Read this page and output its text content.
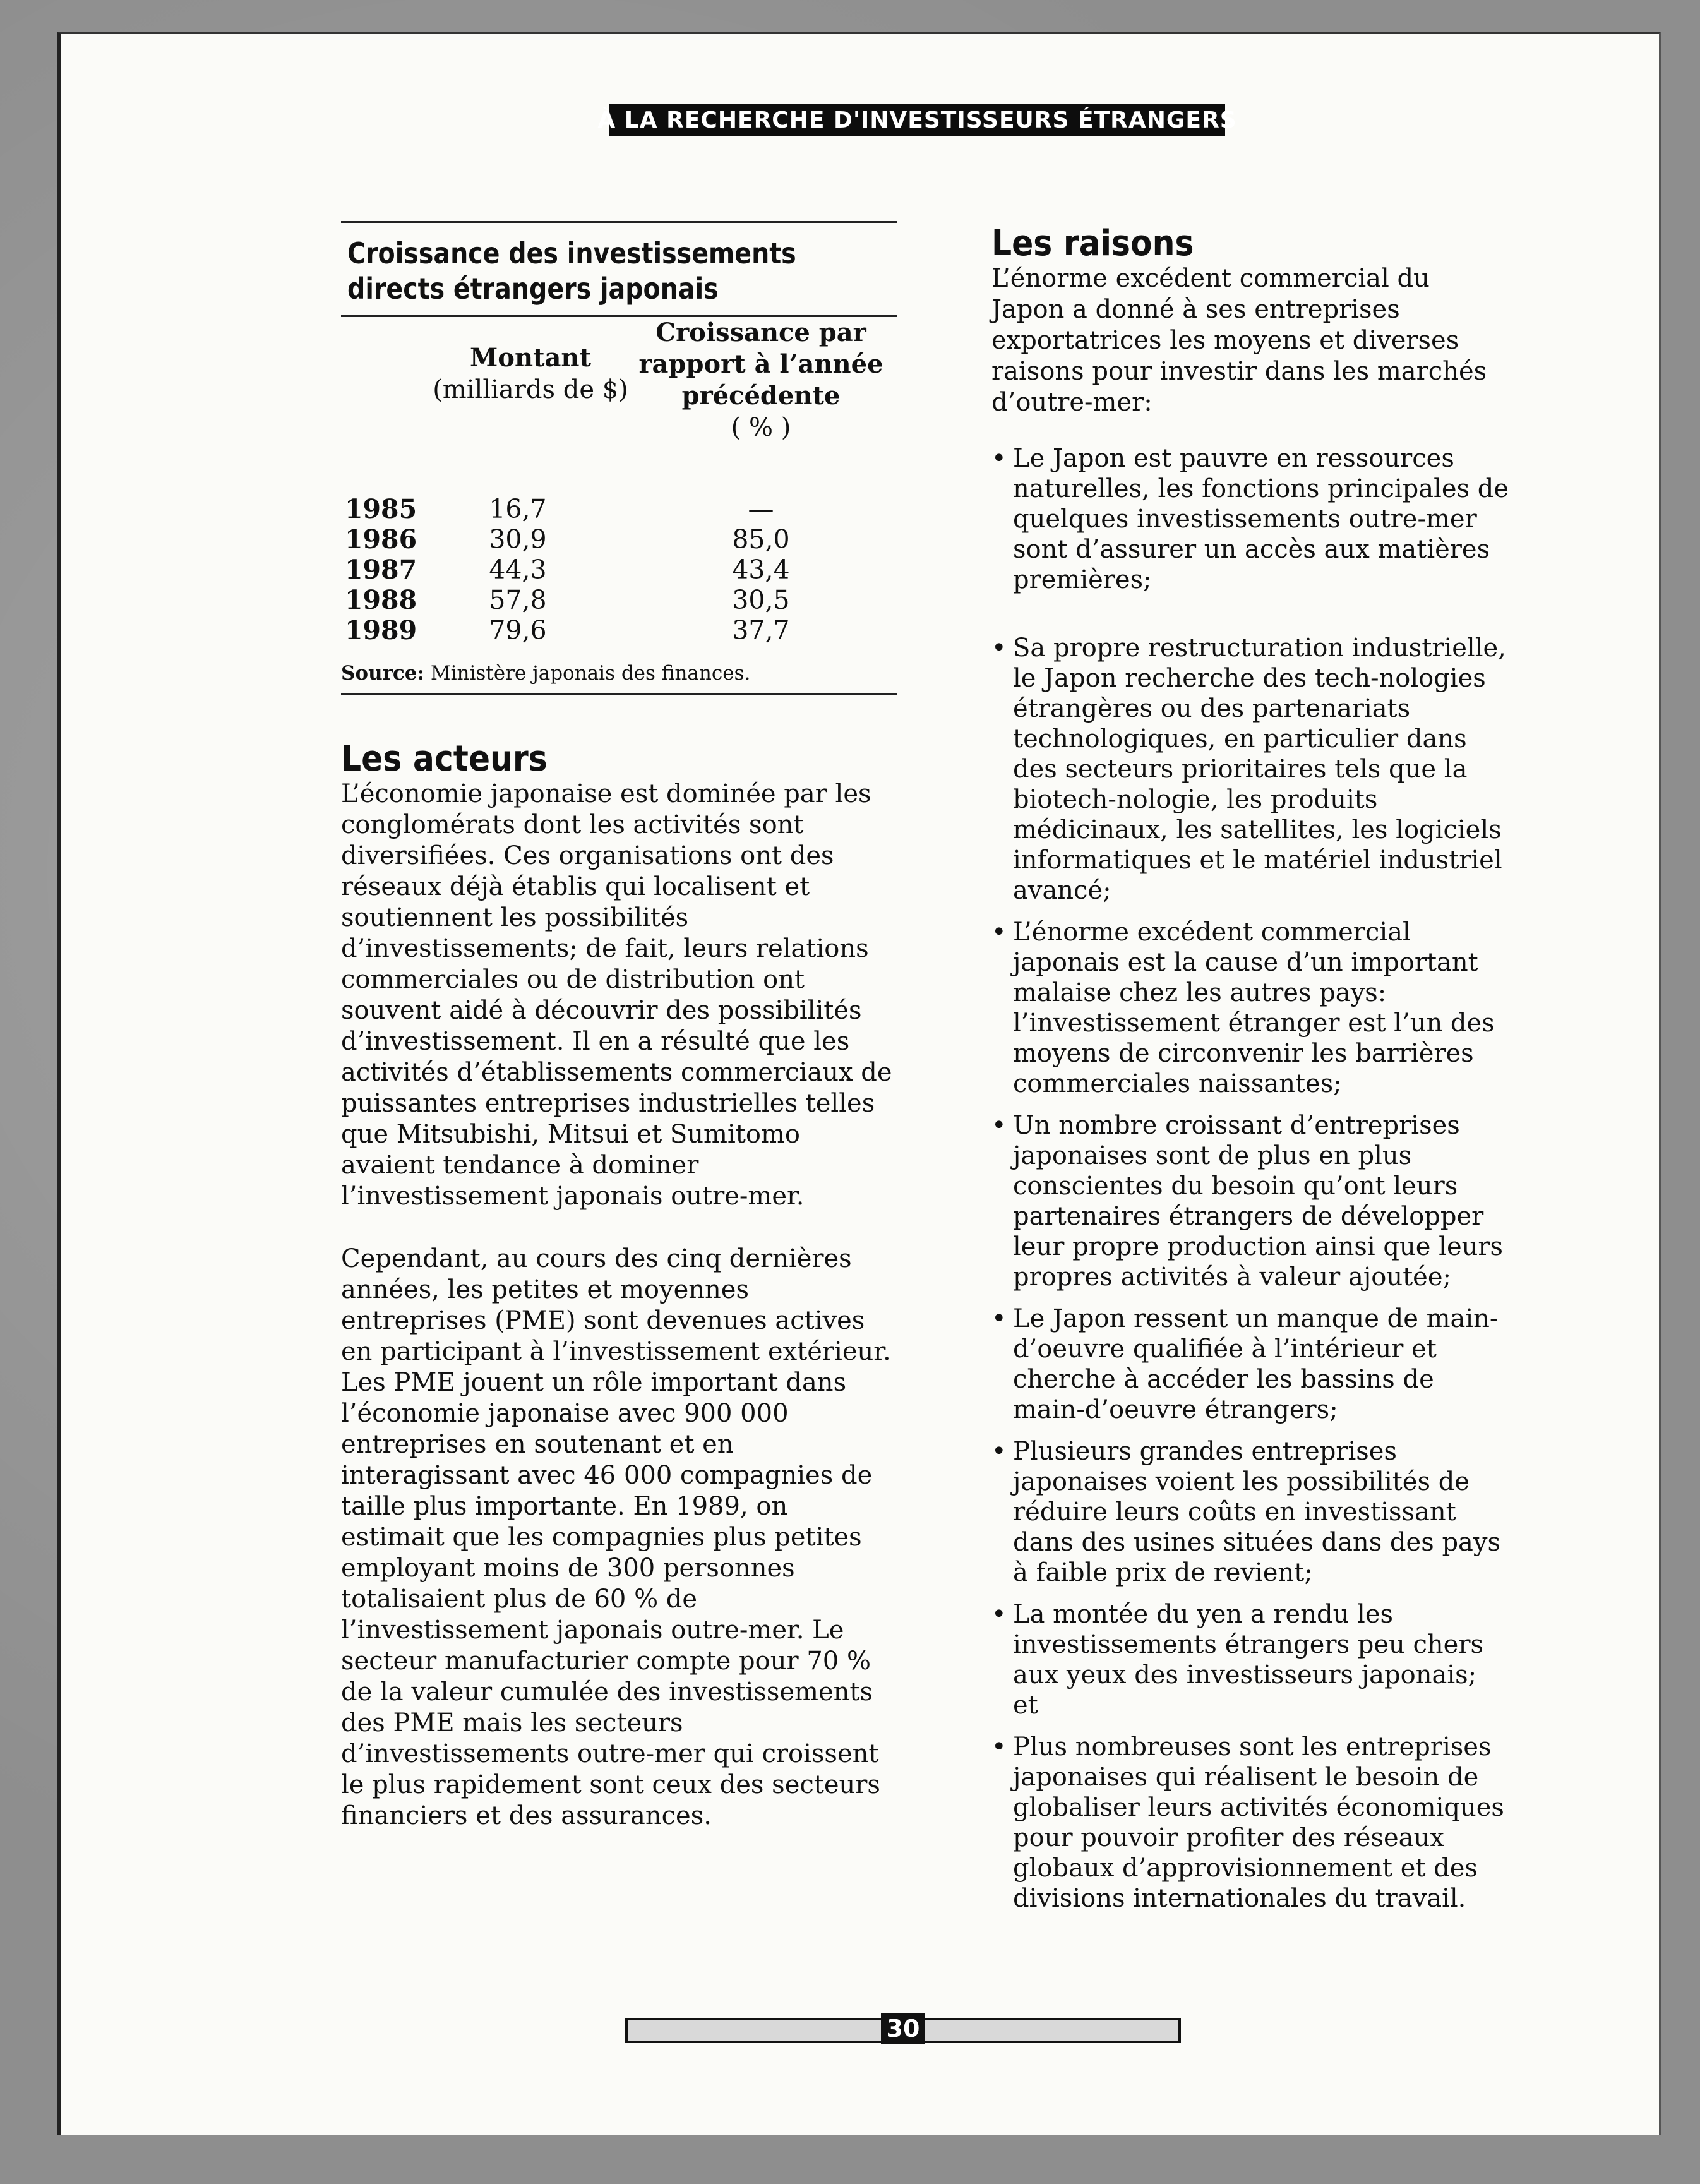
À LA RECHERCHE D'INVESTISSEURS ÉTRANGERS
Croissance des investissements directs étrangers japonais
Montant
(milliards de $)
Croissance par rapport à l’année précédente
( % )
1985	16,7	—
1986	30,9	85,0
1987	44,3	43,4
1988	57,8	30,5
1989	79,6	37,7
Source: Ministère japonais des finances.
Les acteurs

L’économie japonaise est dominée par les conglomérats dont les activités sont diversifiées. Ces organisations ont des réseaux déjà établis qui localisent et soutiennent les possibilités d’investissements; de fait, leurs relations commerciales ou de distribution ont souvent aidé à découvrir des possibilités d’investissement. Il en a résulté que les activités d’établissements commerciaux de puissantes entreprises industrielles telles que Mitsubishi, Mitsui et Sumitomo avaient tendance à dominer l’investissement japonais outre-mer.

Cependant, au cours des cinq dernières années, les petites et moyennes entreprises (PME) sont devenues actives en participant à l’investissement extérieur. Les PME jouent un rôle important dans l’économie japonaise avec 900 000 entreprises en soutenant et en interagissant avec 46 000 compagnies de taille plus importante. En 1989, on estimait que les compagnies plus petites employant moins de 300 personnes totalisaient plus de 60 % de l’investissement japonais outre-mer. Le secteur manufacturier compte pour 70 % de la valeur cumulée des investissements des PME mais les secteurs d’investissements outre-mer qui croissent le plus rapidement sont ceux des secteurs financiers et des assurances.

Les raisons

L’énorme excédent commercial du Japon a donné à ses entreprises exportatrices les moyens et diverses raisons pour investir dans les marchés d’outre-mer:

• Le Japon est pauvre en ressources naturelles, les fonctions principales de quelques investissements outre-mer sont d’assurer un accès aux matières premières;
• Sa propre restructuration industrielle, le Japon recherche des tech-nologies étrangères ou des partenariats technologiques, en particulier dans des secteurs prioritaires tels que la biotech-nologie, les produits médicinaux, les satellites, les logiciels informatiques et le matériel industriel avancé;
• L’énorme excédent commercial japonais est la cause d’un important malaise chez les autres pays: l’investissement étranger est l’un des moyens de circonvenir les barrières commerciales naissantes;
• Un nombre croissant d’entreprises japonaises sont de plus en plus conscientes du besoin qu’ont leurs partenaires étrangers de développer leur propre production ainsi que leurs propres activités à valeur ajoutée;
• Le Japon ressent un manque de main-d’oeuvre qualifiée à l’intérieur et cherche à accéder les bassins de main-d’oeuvre étrangers;
• Plusieurs grandes entreprises japonaises voient les possibilités de réduire leurs coûts en investissant dans des usines situées dans des pays à faible prix de revient;
• La montée du yen a rendu les investissements étrangers peu chers aux yeux des investisseurs japonais; et
• Plus nombreuses sont les entreprises japonaises qui réalisent le besoin de globaliser leurs activités économiques pour pouvoir profiter des réseaux globaux d’approvisionnement et des divisions internationales du travail.
30
